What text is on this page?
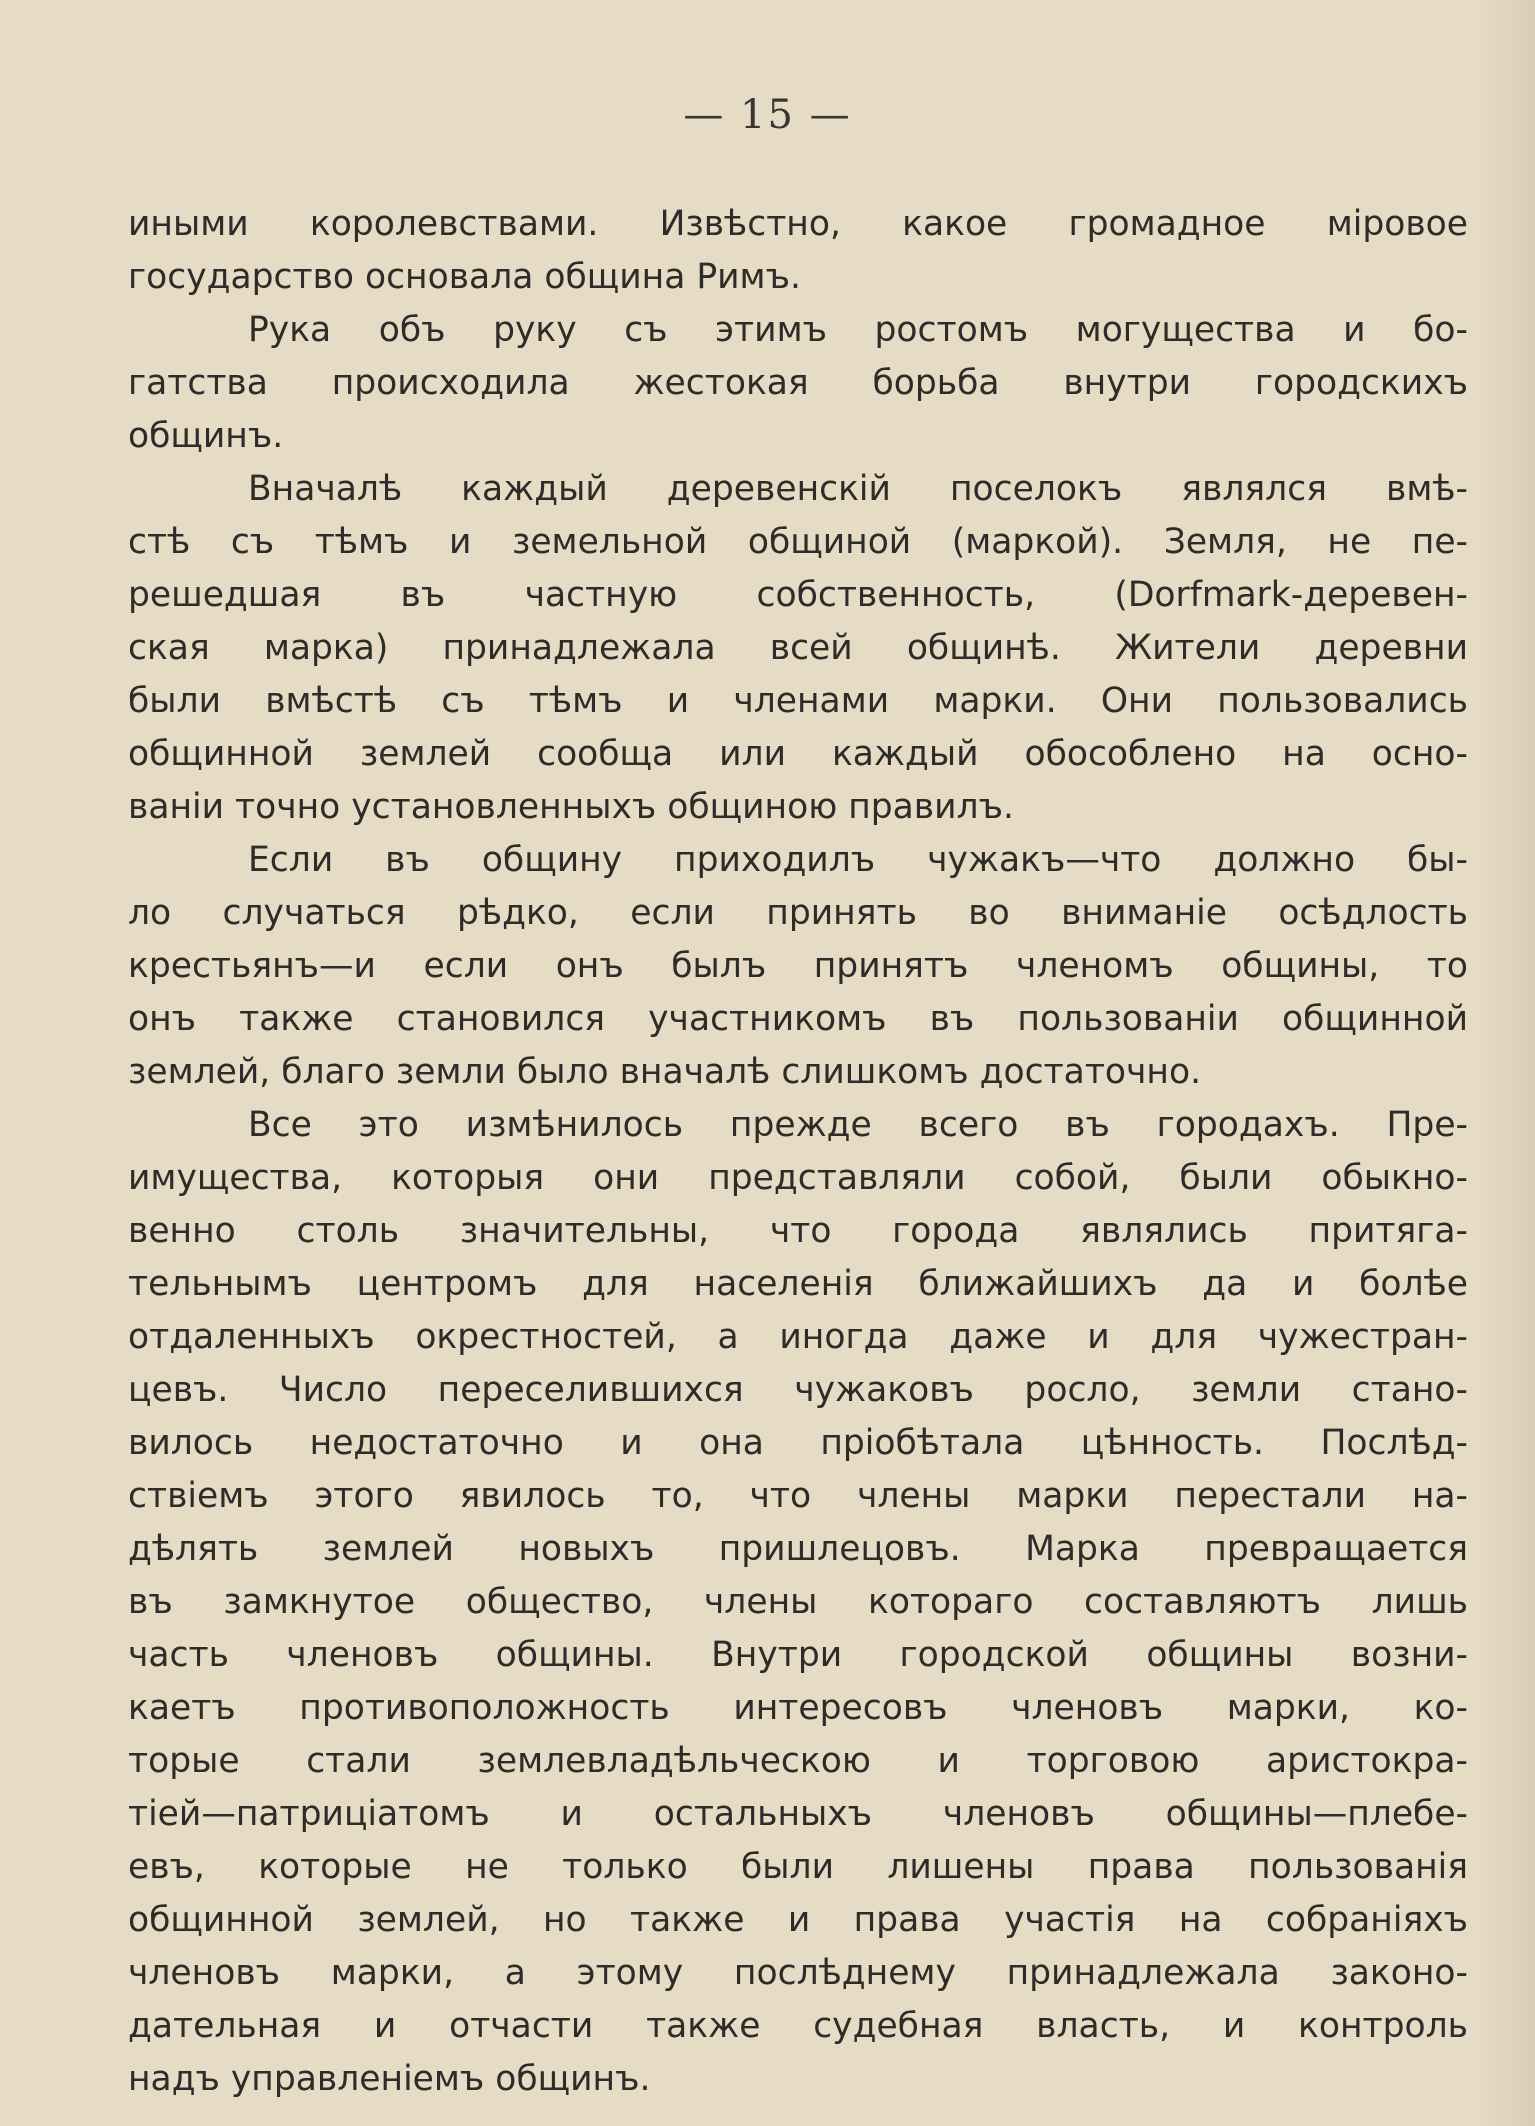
— 15 —
иными королевствами. Извѣстно, какое громадное міровое
государство основала община Римъ.
Рука объ руку съ этимъ ростомъ могущества и бо-
гатства происходила жестокая борьба внутри городскихъ
общинъ.
Вначалѣ каждый деревенскій поселокъ являлся вмѣ-
стѣ съ тѣмъ и земельной общиной (маркой). Земля, не пе-
решедшая въ частную собственность, (Dorfmark-деревен-
ская марка) принадлежала всей общинѣ. Жители деревни
были вмѣстѣ съ тѣмъ и членами марки. Они пользовались
общинной землей сообща или каждый обособлено на осно-
ваніи точно установленныхъ общиною правилъ.
Если въ общину приходилъ чужакъ—что должно бы-
ло случаться рѣдко, если принять во вниманіе осѣдлость
крестьянъ—и если онъ былъ принятъ членомъ общины, то
онъ также становился участникомъ въ пользованіи общинной
землей, благо земли было вначалѣ слишкомъ достаточно.
Все это измѣнилось прежде всего въ городахъ. Пре-
имущества, которыя они представляли собой, были обыкно-
венно столь значительны, что города являлись притяга-
тельнымъ центромъ для населенія ближайшихъ да и болѣе
отдаленныхъ окрестностей, а иногда даже и для чужестран-
цевъ. Число переселившихся чужаковъ росло, земли стано-
вилось недостаточно и она пріобѣтала цѣнность. Послѣд-
ствіемъ этого явилось то, что члены марки перестали на-
дѣлять землей новыхъ пришлецовъ. Марка превращается
въ замкнутое общество, члены котораго составляютъ лишь
часть членовъ общины. Внутри городской общины возни-
каетъ противоположность интересовъ членовъ марки, ко-
торые стали землевладѣльческою и торговою аристокра-
тіей—патриціатомъ и остальныхъ членовъ общины—плебе-
евъ, которые не только были лишены права пользованія
общинной землей, но также и права участія на собраніяхъ
членовъ марки, а этому послѣднему принадлежала законо-
дательная и отчасти также судебная власть, и контроль
надъ управленіемъ общинъ.
